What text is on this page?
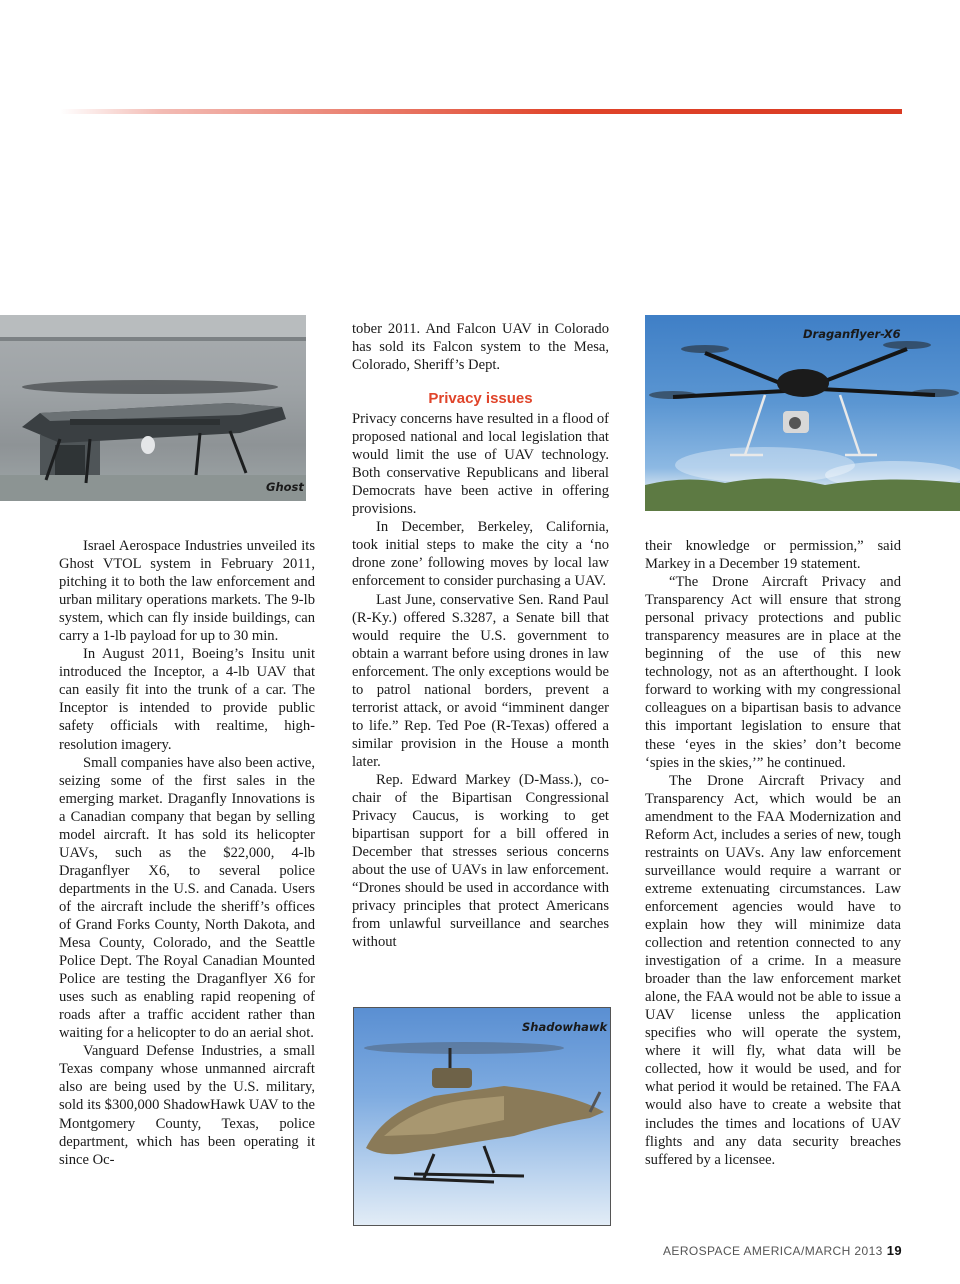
Ghost
Draganflyer-X6
Shadowhawk

Israel Aerospace Industries unveiled its Ghost VTOL system in February 2011, pitching it to both the law enforcement and urban military operations markets. The 9-lb system, which can fly inside buildings, can carry a 1-lb payload for up to 30 min.

In August 2011, Boeing’s Insitu unit introduced the Inceptor, a 4-lb UAV that can easily fit into the trunk of a car. The Inceptor is intended to provide public safety officials with realtime, high-resolution imagery.

Small companies have also been active, seizing some of the first sales in the emerging market. Draganfly Innovations is a Canadian company that began by selling model aircraft. It has sold its helicopter UAVs, such as the $22,000, 4-lb Draganflyer X6, to several police departments in the U.S. and Canada. Users of the aircraft include the sheriff’s offices of Grand Forks County, North Dakota, and Mesa County, Colorado, and the Seattle Police Dept. The Royal Canadian Mounted Police are testing the Draganflyer X6 for uses such as enabling rapid reopening of roads after a traffic accident rather than waiting for a helicopter to do an aerial shot.

Vanguard Defense Industries, a small Texas company whose unmanned aircraft also are being used by the U.S. military, sold its $300,000 ShadowHawk UAV to the Montgomery County, Texas, police department, which has been operating it since Oc-

tober 2011. And Falcon UAV in Colorado has sold its Falcon system to the Mesa, Colorado, Sheriff’s Dept.

Privacy issues

Privacy concerns have resulted in a flood of proposed national and local legislation that would limit the use of UAV technology. Both conservative Republicans and liberal Democrats have been active in offering provisions.

In December, Berkeley, California, took initial steps to make the city a ‘no drone zone’ following moves by local law enforcement to consider purchasing a UAV.

Last June, conservative Sen. Rand Paul (R-Ky.) offered S.3287, a Senate bill that would require the U.S. government to obtain a warrant before using drones in law enforcement. The only exceptions would be to patrol national borders, prevent a terrorist attack, or avoid “imminent danger to life.” Rep. Ted Poe (R-Texas) offered a similar provision in the House a month later.

Rep. Edward Markey (D-Mass.), co-chair of the Bipartisan Congressional Privacy Caucus, is working to get bipartisan support for a bill offered in December that stresses serious concerns about the use of UAVs in law enforcement. “Drones should be used in accordance with privacy principles that protect Americans from unlawful surveillance and searches without

their knowledge or permission,” said Markey in a December 19 statement.

“The Drone Aircraft Privacy and Transparency Act will ensure that strong personal privacy protections and public transparency measures are in place at the beginning of the use of this new technology, not as an afterthought. I look forward to working with my congressional colleagues on a bipartisan basis to advance this important legislation to ensure that these ‘eyes in the skies’ don’t become ‘spies in the skies,’” he continued.

The Drone Aircraft Privacy and Transparency Act, which would be an amendment to the FAA Modernization and Reform Act, includes a series of new, tough restraints on UAVs. Any law enforcement surveillance would require a warrant or extreme extenuating circumstances. Law enforcement agencies would have to explain how they will minimize data collection and retention connected to any investigation of a crime. In a measure broader than the law enforcement market alone, the FAA would not be able to issue a UAV license unless the application specifies who will operate the system, where it will fly, what data will be collected, how it would be used, and for what period it would be retained. The FAA would also have to create a website that includes the times and locations of UAV flights and any data security breaches suffered by a licensee.

AEROSPACE AMERICA/MARCH 2013 19
